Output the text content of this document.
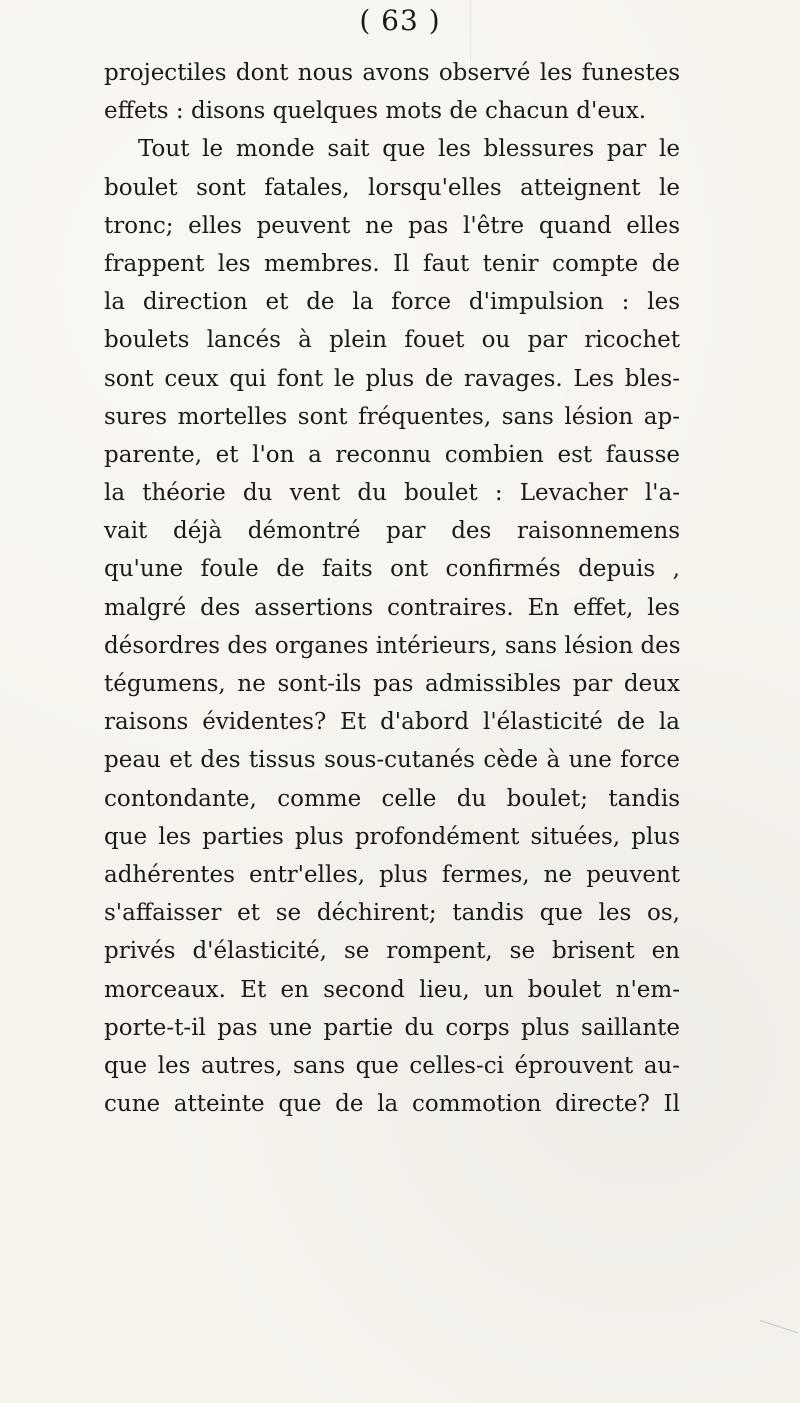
( 63 )
projectiles dont nous avons observé les funestes
effets : disons quelques mots de chacun d'eux.
Tout le monde sait que les blessures par le
boulet sont fatales, lorsqu'elles atteignent le
tronc; elles peuvent ne pas l'être quand elles
frappent les membres. Il faut tenir compte de
la direction et de la force d'impulsion : les
boulets lancés à plein fouet ou par ricochet
sont ceux qui font le plus de ravages. Les bles-
sures mortelles sont fréquentes, sans lésion ap-
parente, et l'on a reconnu combien est fausse
la théorie du vent du boulet : Levacher l'a-
vait déjà démontré par des raisonnemens
qu'une foule de faits ont confirmés depuis ,
malgré des assertions contraires. En effet, les
désordres des organes intérieurs, sans lésion des
tégumens, ne sont-ils pas admissibles par deux
raisons évidentes? Et d'abord l'élasticité de la
peau et des tissus sous-cutanés cède à une force
contondante, comme celle du boulet; tandis
que les parties plus profondément situées, plus
adhérentes entr'elles, plus fermes, ne peuvent
s'affaisser et se déchirent; tandis que les os,
privés d'élasticité, se rompent, se brisent en
morceaux. Et en second lieu, un boulet n'em-
porte-t-il pas une partie du corps plus saillante
que les autres, sans que celles-ci éprouvent au-
cune atteinte que de la commotion directe? Il
